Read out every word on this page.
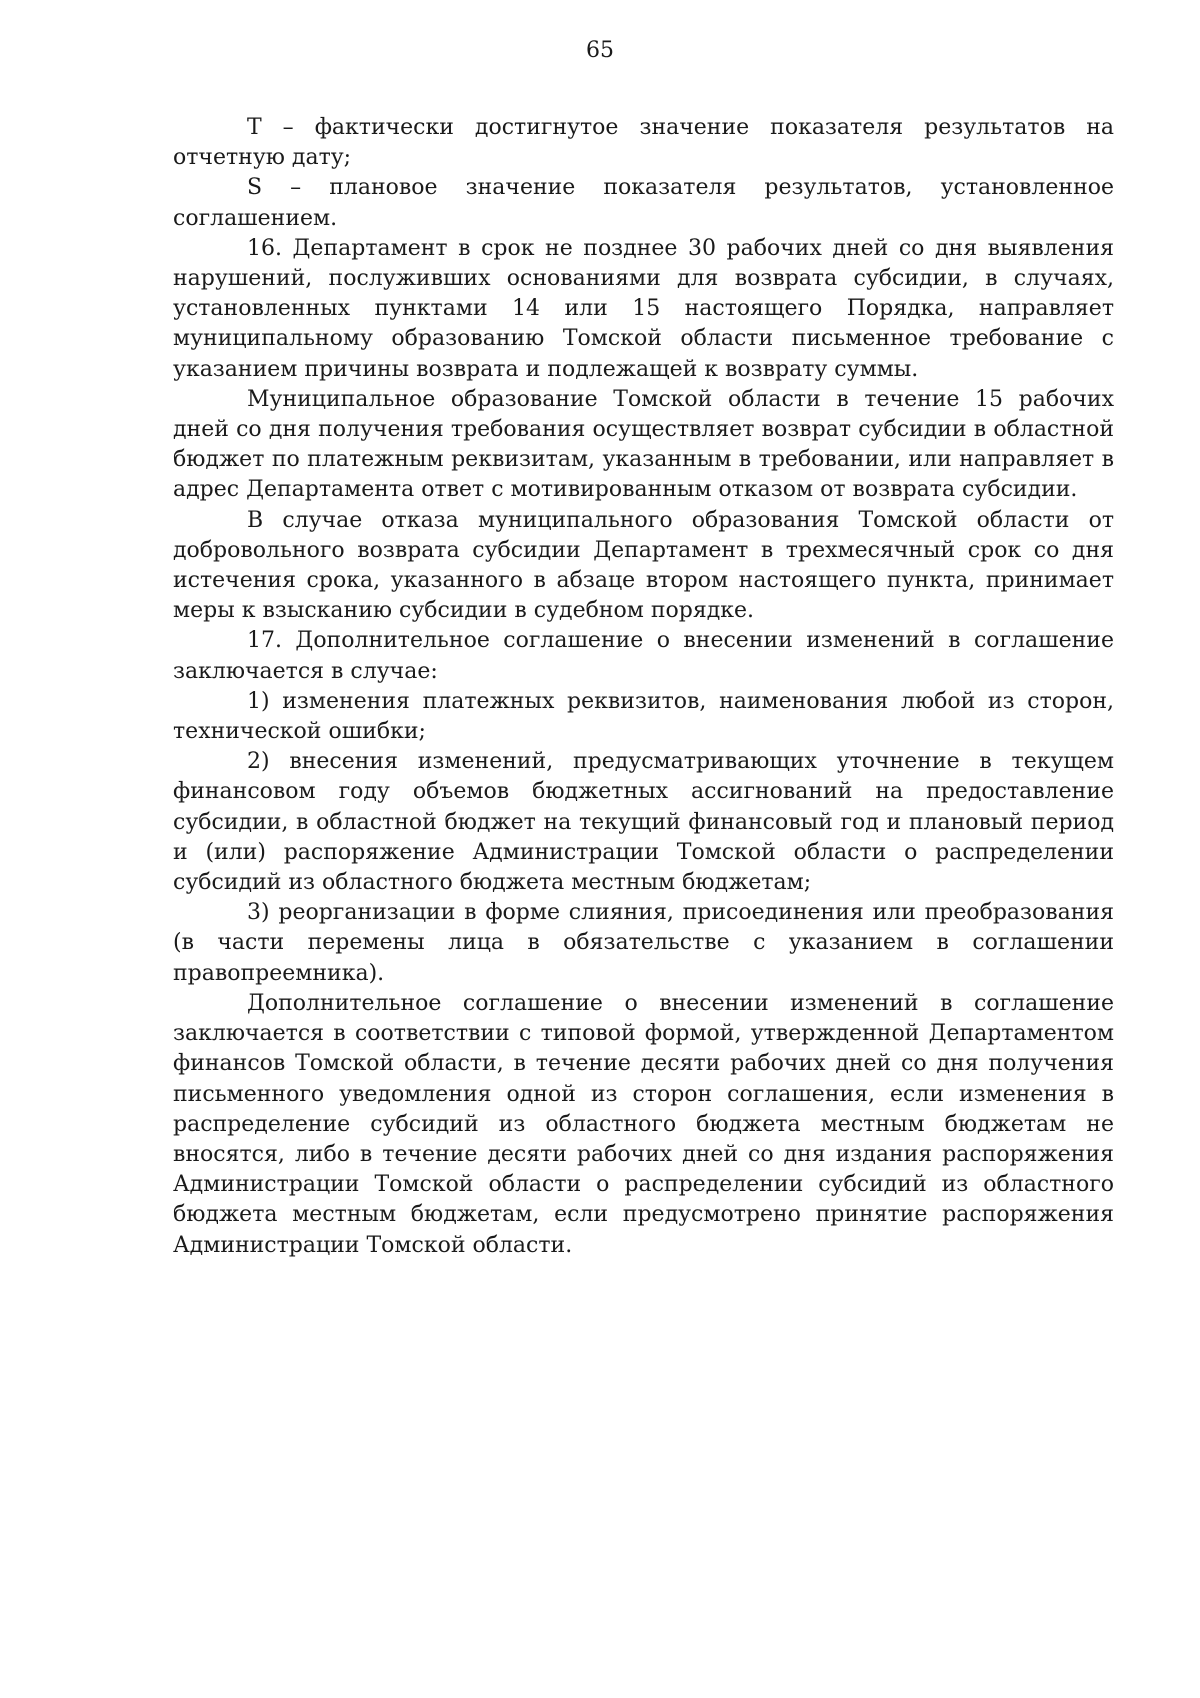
65

T – фактически достигнутое значение показателя результатов на отчетную дату;

S – плановое значение показателя результатов, установленное соглашением.

16. Департамент в срок не позднее 30 рабочих дней со дня выявления нарушений, послуживших основаниями для возврата субсидии, в случаях, установленных пунктами 14 или 15 настоящего Порядка, направляет муниципальному образованию Томской области письменное требование с указанием причины возврата и подлежащей к возврату суммы.

Муниципальное образование Томской области в течение 15 рабочих дней со дня получения требования осуществляет возврат субсидии в областной бюджет по платежным реквизитам, указанным в требовании, или направляет в адрес Департамента ответ с мотивированным отказом от возврата субсидии.

В случае отказа муниципального образования Томской области от добровольного возврата субсидии Департамент в трехмесячный срок со дня истечения срока, указанного в абзаце втором настоящего пункта, принимает меры к взысканию субсидии в судебном порядке.

17. Дополнительное соглашение о внесении изменений в соглашение заключается в случае:

1) изменения платежных реквизитов, наименования любой из сторон, технической ошибки;

2) внесения изменений, предусматривающих уточнение в текущем финансовом году объемов бюджетных ассигнований на предоставление субсидии, в областной бюджет на текущий финансовый год и плановый период и (или) распоряжение Администрации Томской области о распределении субсидий из областного бюджета местным бюджетам;

3) реорганизации в форме слияния, присоединения или преобразования (в части перемены лица в обязательстве с указанием в соглашении правопреемника).

Дополнительное соглашение о внесении изменений в соглашение заключается в соответствии с типовой формой, утвержденной Департаментом финансов Томской области, в течение десяти рабочих дней со дня получения письменного уведомления одной из сторон соглашения, если изменения в распределение субсидий из областного бюджета местным бюджетам не вносятся, либо в течение десяти рабочих дней со дня издания распоряжения Администрации Томской области о распределении субсидий из областного бюджета местным бюджетам, если предусмотрено принятие распоряжения Администрации Томской области.
